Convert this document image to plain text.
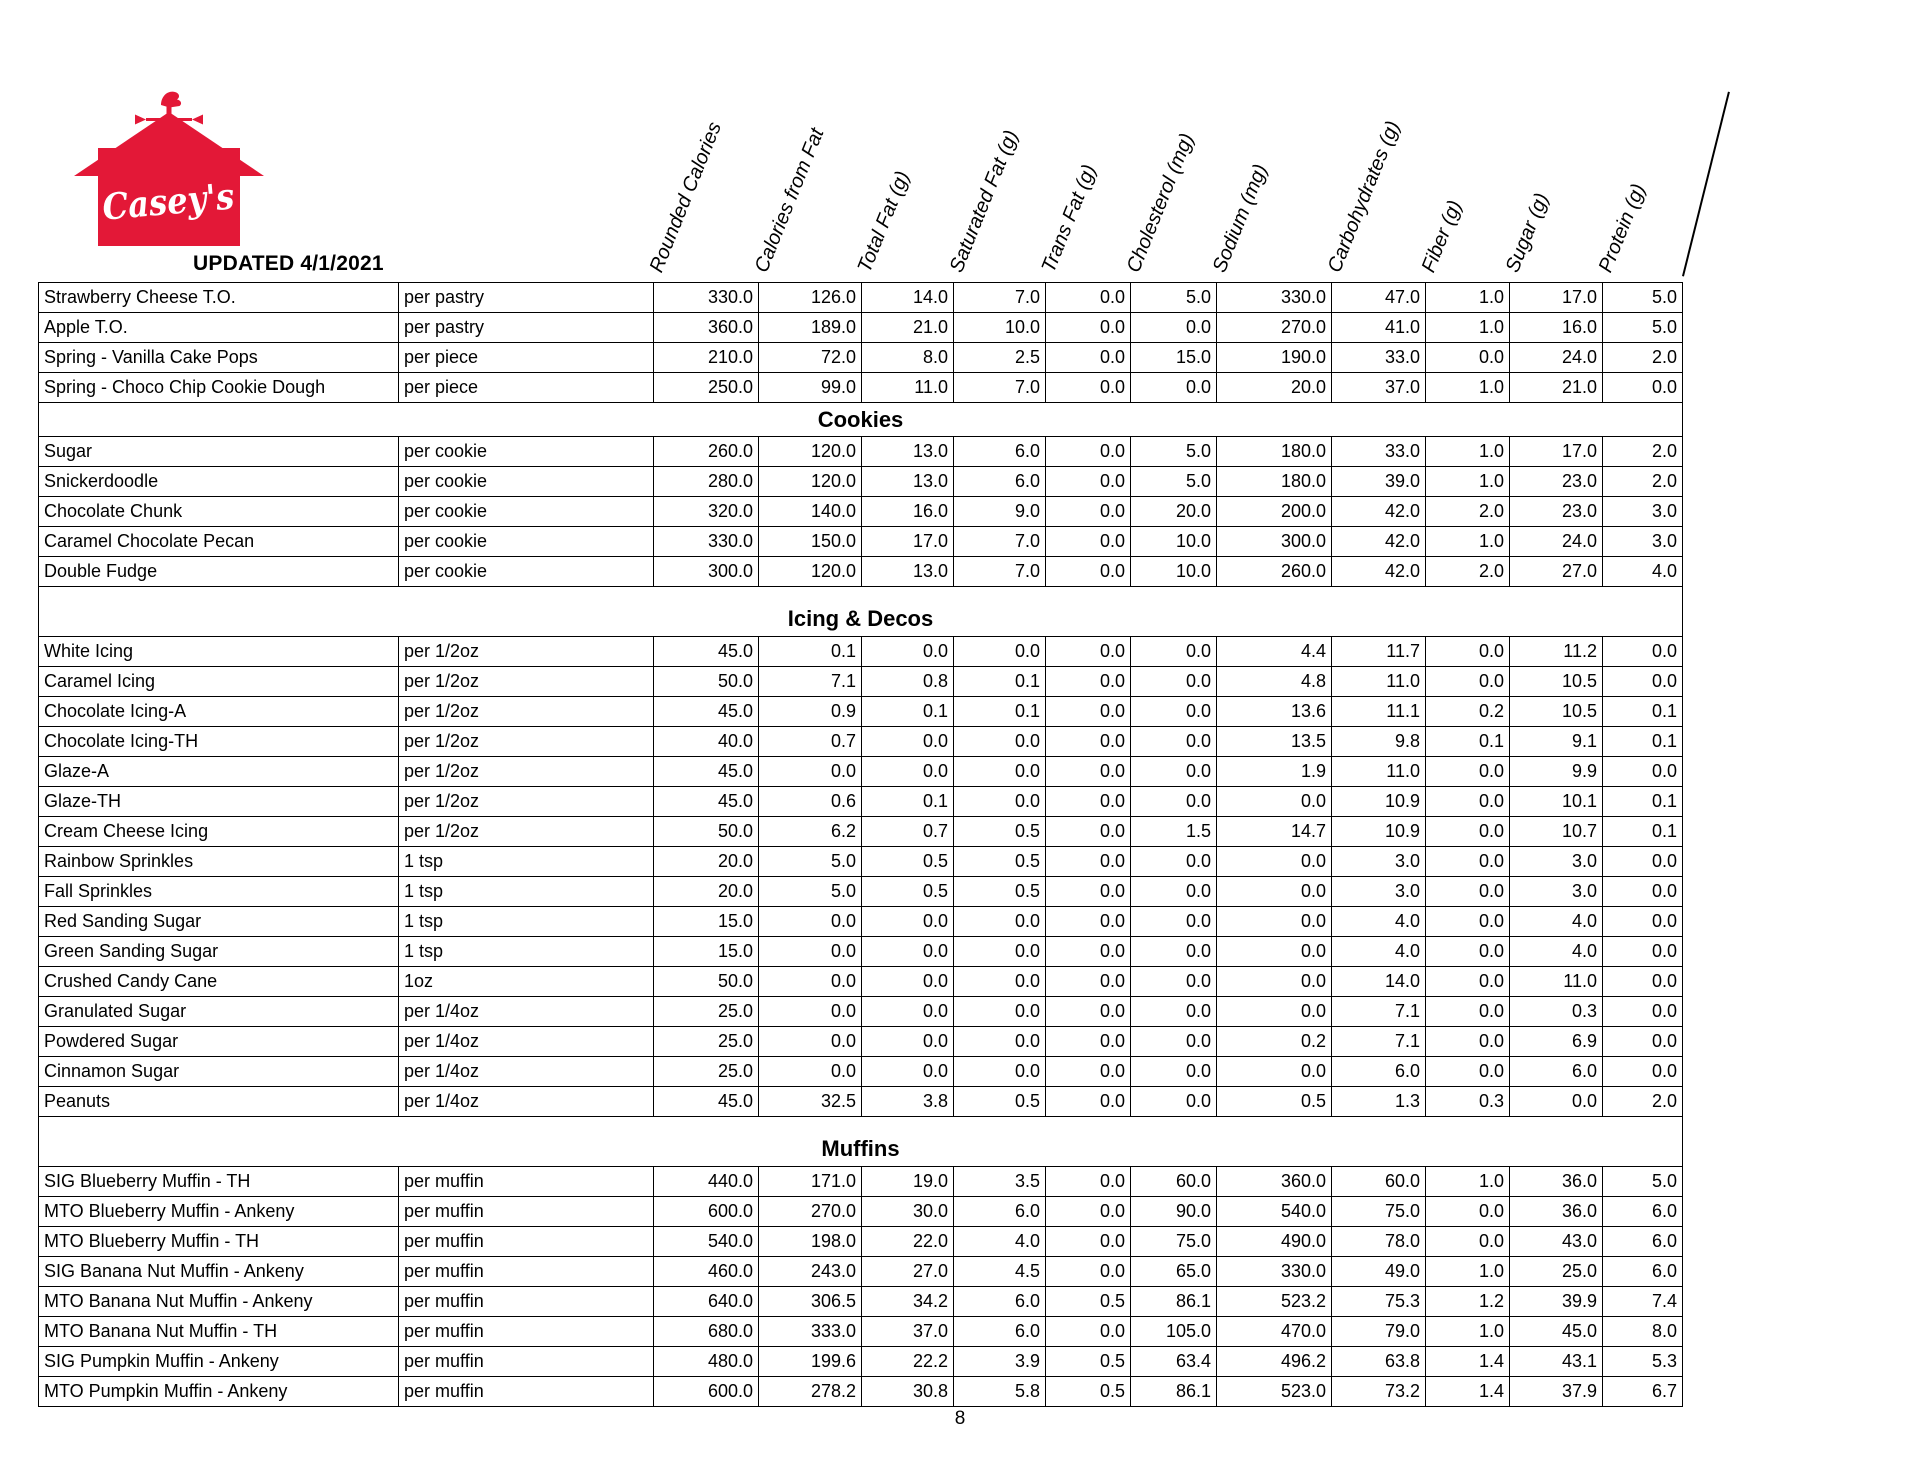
Casey's
UPDATED 4/1/2021	Rounded Calories Calories from Fat Total Fat (g) Saturated Fat (g) Trans Fat (g) Cholesterol (mg) Sodium (mg)	Carbohydrates (g) Fiber (g) Sugar (g) Protein (g)
Strawberry Cheese T.O.	per pastry	330.0	126.0	14.0	7.0	0.0	5.0	330.0	47.0	1.0	17.0	5.0
Apple T.O.	per pastry	360.0	189.0	21.0	10.0	0.0	0.0	270.0	41.0	1.0	16.0	5.0
Spring - Vanilla Cake Pops	per piece	210.0	72.0	8.0	2.5	0.0	15.0	190.0	33.0	0.0	24.0	2.0
Spring - Choco Chip Cookie Dough	per piece	250.0	99.0	11.0	7.0	0.0	0.0	20.0	37.0	1.0	21.0	0.0
Cookies												
Sugar	per cookie	260.0	120.0	13.0	6.0	0.0	5.0	180.0	33.0	1.0	17.0	2.0
Snickerdoodle	per cookie	280.0	120.0	13.0	6.0	0.0	5.0	180.0	39.0	1.0	23.0	2.0
Chocolate Chunk	per cookie	320.0	140.0	16.0	9.0	0.0	20.0	200.0	42.0	2.0	23.0	3.0
Caramel Chocolate Pecan	per cookie	330.0	150.0	17.0	7.0	0.0	10.0	300.0	42.0	1.0	24.0	3.0
Double Fudge	per cookie	300.0	120.0	13.0	7.0	0.0	10.0	260.0	42.0	2.0	27.0	4.0

Icing & Decos												
White Icing	per 1/2oz	45.0	0.1	0.0	0.0	0.0	0.0	4.4	11.7	0.0	11.2	0.0
Caramel Icing	per 1/2oz	50.0	7.1	0.8	0.1	0.0	0.0	4.8	11.0	0.0	10.5	0.0
Chocolate Icing-A	per 1/2oz	45.0	0.9	0.1	0.1	0.0	0.0	13.6	11.1	0.2	10.5	0.1
Chocolate Icing-TH	per 1/2oz	40.0	0.7	0.0	0.0	0.0	0.0	13.5	9.8	0.1	9.1	0.1
Glaze-A	per 1/2oz	45.0	0.0	0.0	0.0	0.0	0.0	1.9	11.0	0.0	9.9	0.0
Glaze-TH	per 1/2oz	45.0	0.6	0.1	0.0	0.0	0.0	0.0	10.9	0.0	10.1	0.1
Cream Cheese Icing	per 1/2oz	50.0	6.2	0.7	0.5	0.0	1.5	14.7	10.9	0.0	10.7	0.1
Rainbow Sprinkles	1 tsp	20.0	5.0	0.5	0.5	0.0	0.0	0.0	3.0	0.0	3.0	0.0
Fall Sprinkles	1 tsp	20.0	5.0	0.5	0.5	0.0	0.0	0.0	3.0	0.0	3.0	0.0
Red Sanding Sugar	1 tsp	15.0	0.0	0.0	0.0	0.0	0.0	0.0	4.0	0.0	4.0	0.0
Green Sanding Sugar	1 tsp	15.0	0.0	0.0	0.0	0.0	0.0	0.0	4.0	0.0	4.0	0.0
Crushed Candy Cane	1oz	50.0	0.0	0.0	0.0	0.0	0.0	0.0	14.0	0.0	11.0	0.0
Granulated Sugar	per 1/4oz	25.0	0.0	0.0	0.0	0.0	0.0	0.0	7.1	0.0	0.3	0.0
Powdered Sugar	per 1/4oz	25.0	0.0	0.0	0.0	0.0	0.0	0.2	7.1	0.0	6.9	0.0
Cinnamon Sugar	per 1/4oz	25.0	0.0	0.0	0.0	0.0	0.0	0.0	6.0	0.0	6.0	0.0
Peanuts	per 1/4oz	45.0	32.5	3.8	0.5	0.0	0.0	0.5	1.3	0.3	0.0	2.0

Muffins												
SIG Blueberry Muffin - TH	per muffin	440.0	171.0	19.0	3.5	0.0	60.0	360.0	60.0	1.0	36.0	5.0
MTO Blueberry Muffin - Ankeny	per muffin	600.0	270.0	30.0	6.0	0.0	90.0	540.0	75.0	0.0	36.0	6.0
MTO Blueberry Muffin - TH	per muffin	540.0	198.0	22.0	4.0	0.0	75.0	490.0	78.0	0.0	43.0	6.0
SIG Banana Nut Muffin - Ankeny	per muffin	460.0	243.0	27.0	4.5	0.0	65.0	330.0	49.0	1.0	25.0	6.0
MTO Banana Nut Muffin - Ankeny	per muffin	640.0	306.5	34.2	6.0	0.5	86.1	523.2	75.3	1.2	39.9	7.4
MTO Banana Nut Muffin - TH	per muffin	680.0	333.0	37.0	6.0	0.0	105.0	470.0	79.0	1.0	45.0	8.0
SIG Pumpkin Muffin - Ankeny	per muffin	480.0	199.6	22.2	3.9	0.5	63.4	496.2	63.8	1.4	43.1	5.3
MTO Pumpkin Muffin - Ankeny	per muffin	600.0	278.2	30.8	5.8	0.5	86.1	523.0	73.2	1.4	37.9	6.7
8
